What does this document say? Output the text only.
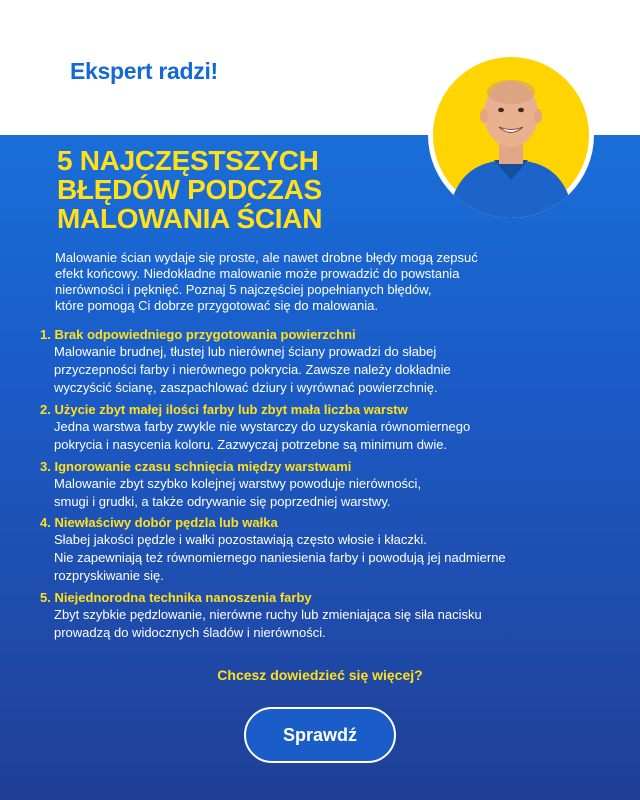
Ekspert radzi!
5 NAJCZĘSTSZYCH
BŁĘDÓW PODCZAS
MALOWANIA ŚCIAN
Malowanie ścian wydaje się proste, ale nawet drobne błędy mogą zepsuć
efekt końcowy. Niedokładne malowanie może prowadzić do powstania
nierówności i pęknięć. Poznaj 5 najczęściej popełnianych błędów,
które pomogą Ci dobrze przygotować się do malowania.
1. Brak odpowiedniego przygotowania powierzchni
Malowanie brudnej, tłustej lub nierównej ściany prowadzi do słabej
przyczepności farby i nierównego pokrycia. Zawsze należy dokładnie
wyczyścić ścianę, zaszpachlować dziury i wyrównać powierzchnię.
2. Użycie zbyt małej ilości farby lub zbyt mała liczba warstw
Jedna warstwa farby zwykle nie wystarczy do uzyskania równomiernego
pokrycia i nasycenia koloru. Zazwyczaj potrzebne są minimum dwie.
3. Ignorowanie czasu schnięcia między warstwami
Malowanie zbyt szybko kolejnej warstwy powoduje nierówności,
smugi i grudki, a także odrywanie się poprzedniej warstwy.
4. Niewłaściwy dobór pędzla lub wałka
Słabej jakości pędzle i wałki pozostawiają często włosie i kłaczki.
Nie zapewniają też równomiernego naniesienia farby i powodują jej nadmierne
rozpryskiwanie się.
5. Niejednorodna technika nanoszenia farby
Zbyt szybkie pędzlowanie, nierówne ruchy lub zmieniająca się siła nacisku
prowadzą do widocznych śladów i nierówności.
Chcesz dowiedzieć się więcej?
Sprawdź
